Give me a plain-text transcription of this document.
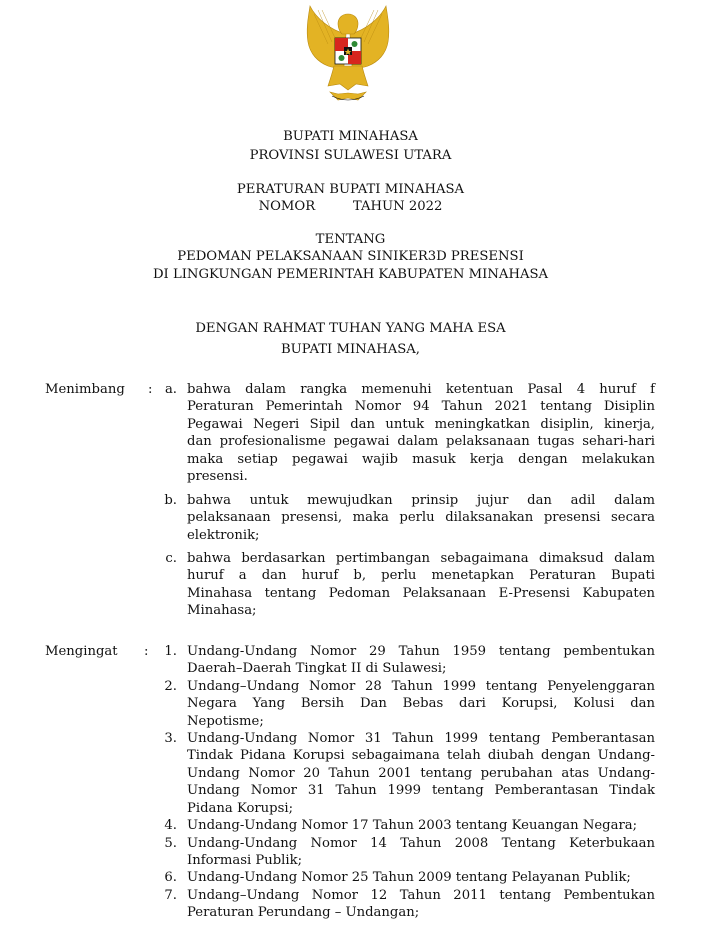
BUPATI MINAHASA
PROVINSI SULAWESI UTARA
PERATURAN BUPATI MINAHASA
NOMOR         TAHUN 2022
TENTANG
PEDOMAN PELAKSANAAN SINIKER3D PRESENSI
DI LINGKUNGAN PEMERINTAH KABUPATEN MINAHASA
DENGAN RAHMAT TUHAN YANG MAHA ESA
BUPATI MINAHASA,
Menimbang : a. bahwa dalam rangka memenuhi ketentuan Pasal 4 huruf f
Peraturan Pemerintah Nomor 94 Tahun 2021 tentang Disiplin
Pegawai Negeri Sipil dan untuk meningkatkan disiplin, kinerja,
dan profesionalisme pegawai dalam pelaksanaan tugas sehari-hari
maka setiap pegawai wajib masuk kerja dengan melakukan
presensi.
b. bahwa untuk mewujudkan prinsip jujur dan adil dalam
pelaksanaan presensi, maka perlu dilaksanakan presensi secara
elektronik;
c. bahwa berdasarkan pertimbangan sebagaimana dimaksud dalam
huruf a dan huruf b, perlu menetapkan Peraturan Bupati
Minahasa tentang Pedoman Pelaksanaan E-Presensi Kabupaten
Minahasa;
Mengingat :	1. Undang-Undang Nomor 29 Tahun 1959 tentang pembentukan
Daerah–Daerah Tingkat II di Sulawesi;
2. Undang–Undang Nomor 28 Tahun 1999 tentang Penyelenggaran
Negara Yang Bersih Dan Bebas dari Korupsi, Kolusi dan
Nepotisme;
3. Undang-Undang Nomor 31 Tahun 1999 tentang Pemberantasan
Tindak Pidana Korupsi sebagaimana telah diubah dengan Undang-
Undang Nomor 20 Tahun 2001 tentang perubahan atas Undang-
Undang Nomor 31 Tahun 1999 tentang Pemberantasan Tindak
Pidana Korupsi;
4. Undang-Undang Nomor 17 Tahun 2003 tentang Keuangan Negara;
5. Undang-Undang Nomor 14 Tahun 2008 Tentang Keterbukaan
Informasi Publik;
6. Undang-Undang Nomor 25 Tahun 2009 tentang Pelayanan Publik;
7. Undang–Undang Nomor 12 Tahun 2011 tentang Pembentukan
Peraturan Perundang – Undangan;
